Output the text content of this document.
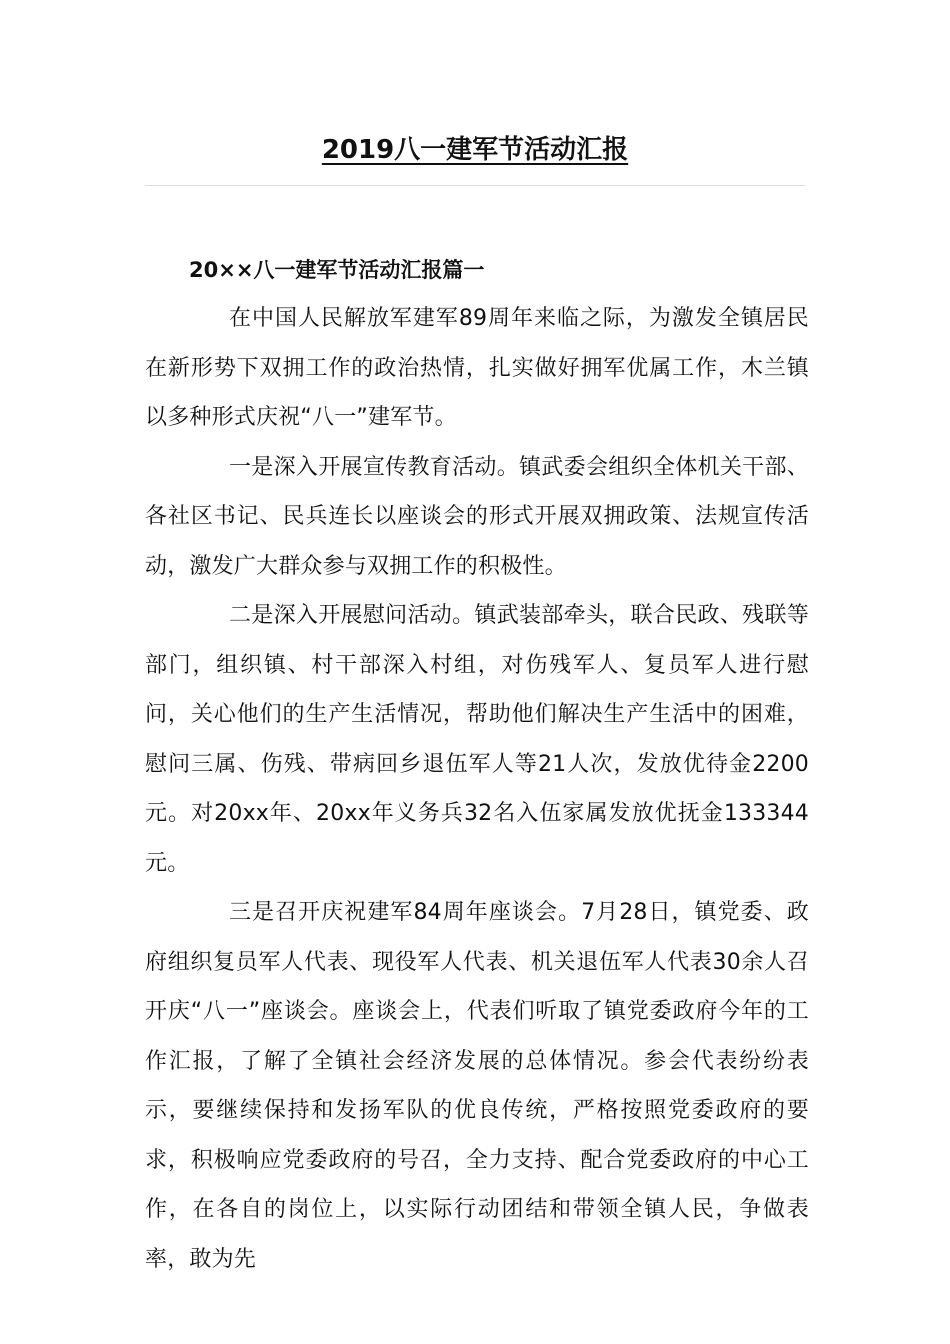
2019八一建军节活动汇报
20××八一建军节活动汇报篇一

在中国人民解放军建军89周年来临之际，为激发全镇居民在新形势下双拥工作的政治热情，扎实做好拥军优属工作，木兰镇以多种形式庆祝“八一”建军节。

一是深入开展宣传教育活动。镇武委会组织全体机关干部、各社区书记、民兵连长以座谈会的形式开展双拥政策、法规宣传活动，激发广大群众参与双拥工作的积极性。

二是深入开展慰问活动。镇武装部牵头，联合民政、残联等部门，组织镇、村干部深入村组，对伤残军人、复员军人进行慰问，关心他们的生产生活情况，帮助他们解决生产生活中的困难，慰问三属、伤残、带病回乡退伍军人等21人次，发放优待金2200元。对20xx年、20xx年义务兵32名入伍家属发放优抚金133344元。

三是召开庆祝建军84周年座谈会。7月28日，镇党委、政府组织复员军人代表、现役军人代表、机关退伍军人代表30余人召开庆“八一”座谈会。座谈会上，代表们听取了镇党委政府今年的工作汇报，了解了全镇社会经济发展的总体情况。参会代表纷纷表示，要继续保持和发扬军队的优良传统，严格按照党委政府的要求，积极响应党委政府的号召，全力支持、配合党委政府的中心工作，在各自的岗位上，以实际行动团结和带领全镇人民，争做表率，敢为先
